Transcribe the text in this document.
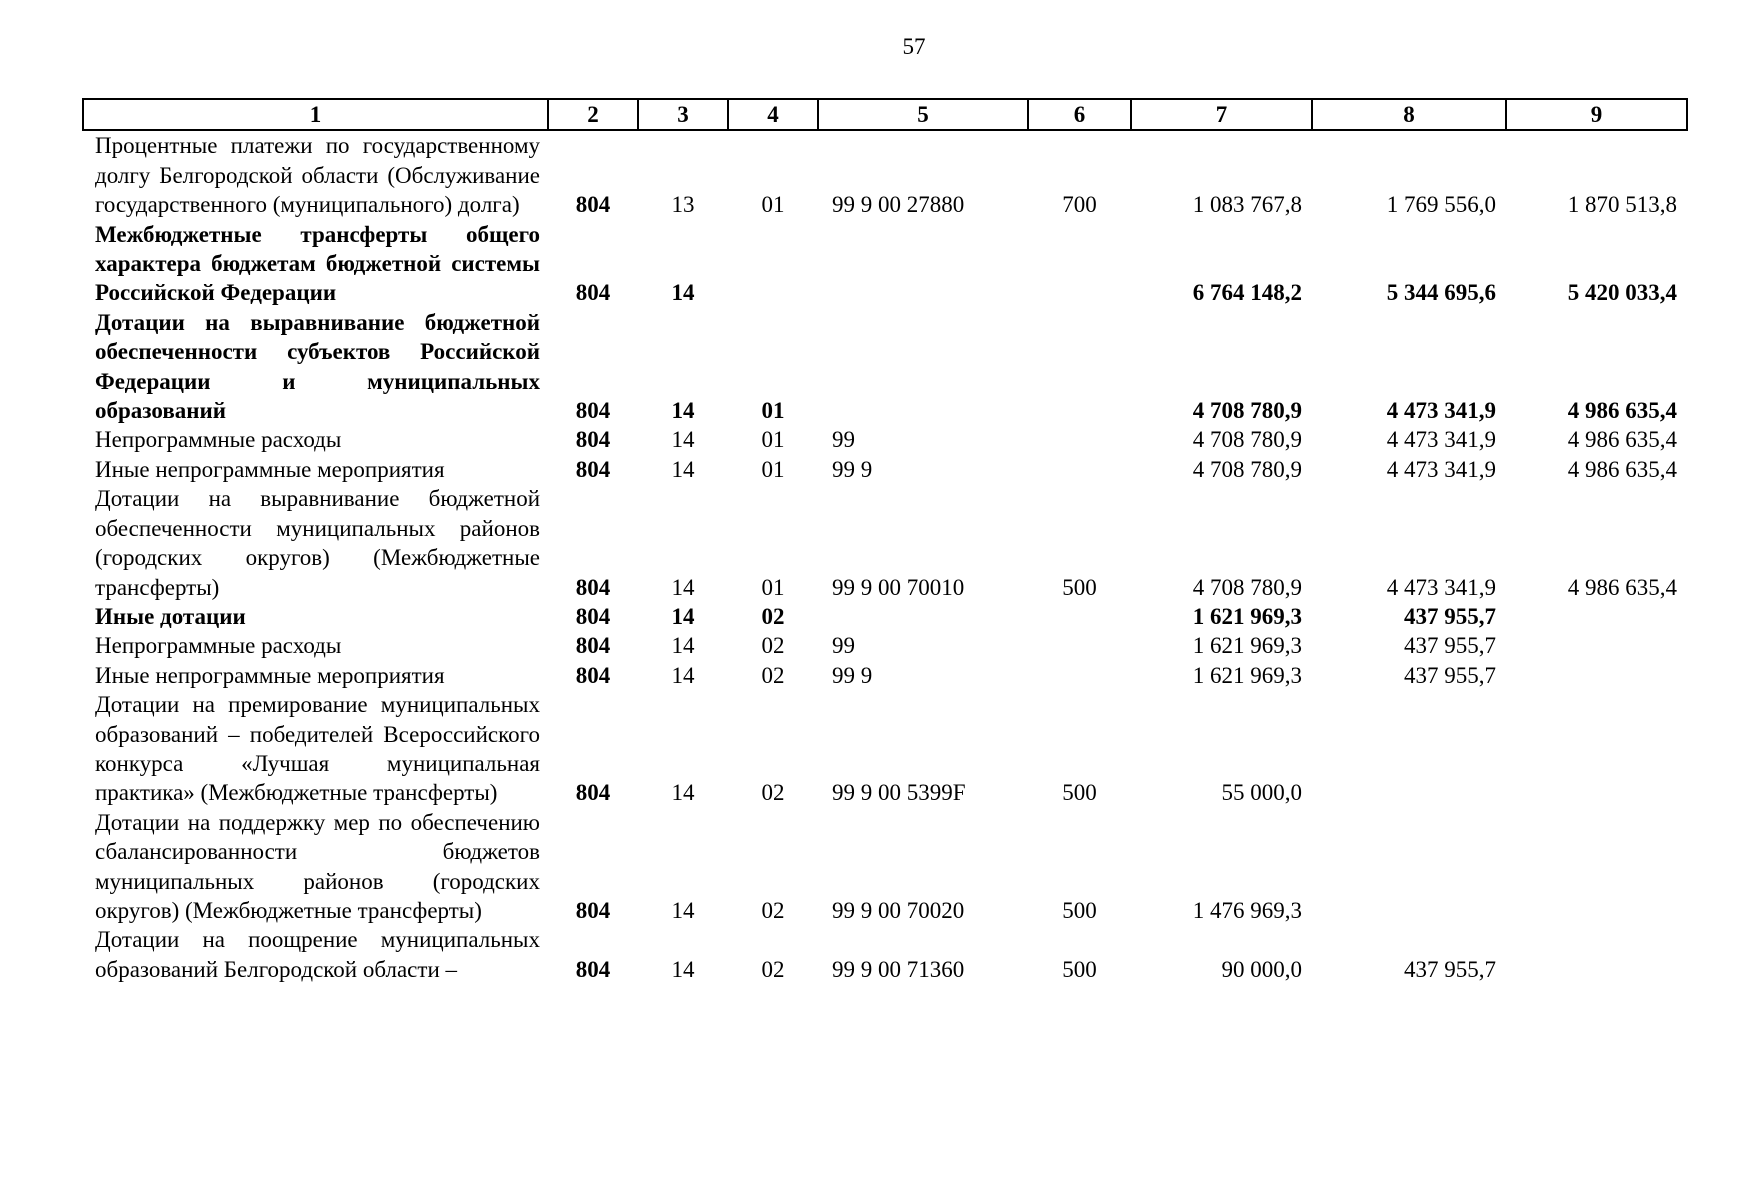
57
1	2	3	4	5	6	7	8	9
Процентные платежи по государственному долгу Белгородской области (Обслуживание государственного (муниципального) долга)	804	13	01	99 9 00 27880	700	1 083 767,8	1 769 556,0	1 870 513,8
Межбюджетные трансферты общего характера бюджетам бюджетной системы Российской Федерации	804	14				6 764 148,2	5 344 695,6	5 420 033,4
Дотации на выравнивание бюджетной обеспеченности субъектов Российской Федерации и муниципальных образований	804	14	01			4 708 780,9	4 473 341,9	4 986 635,4
Непрограммные расходы	804	14	01	99		4 708 780,9	4 473 341,9	4 986 635,4
Иные непрограммные мероприятия	804	14	01	99 9		4 708 780,9	4 473 341,9	4 986 635,4
Дотации на выравнивание бюджетной обеспеченности муниципальных районов (городских округов) (Межбюджетные трансферты)	804	14	01	99 9 00 70010	500	4 708 780,9	4 473 341,9	4 986 635,4
Иные дотации	804	14	02			1 621 969,3	437 955,7	
Непрограммные расходы	804	14	02	99		1 621 969,3	437 955,7	
Иные непрограммные мероприятия	804	14	02	99 9		1 621 969,3	437 955,7	
Дотации на премирование муниципальных образований – победителей Всероссийского конкурса «Лучшая муниципальная практика» (Межбюджетные трансферты)	804	14	02	99 9 00 5399F	500	55 000,0		
Дотации на поддержку мер по обеспечению сбалансированности бюджетов муниципальных районов (городских округов) (Межбюджетные трансферты)	804	14	02	99 9 00 70020	500	1 476 969,3		
Дотации на поощрение муниципальных образований Белгородской области –	804	14	02	99 9 00 71360	500	90 000,0	437 955,7	
